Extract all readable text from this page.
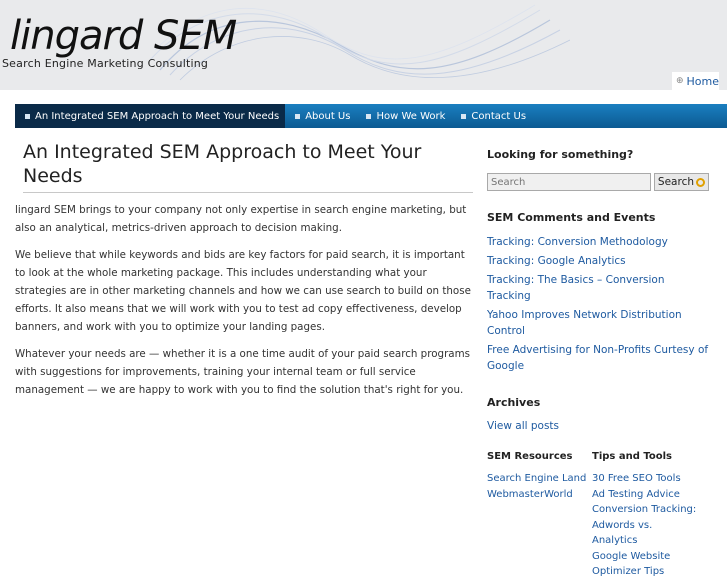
lingard SEM
Search Engine Marketing Consulting
⊕ Home
An Integrated SEM Approach to Meet Your Needs	About Us	How We Work	Contact Us
An Integrated SEM Approach to Meet Your Needs

lingard SEM brings to your company not only expertise in search engine marketing, but also an analytical, metrics-driven approach to decision making.

We believe that while keywords and bids are key factors for paid search, it is important to look at the whole marketing package. This includes understanding what your strategies are in other marketing channels and how we can use search to build on those efforts. It also means that we will work with you to test ad copy effectiveness, develop banners, and work with you to optimize your landing pages.

Whatever your needs are — whether it is a one time audit of your paid search programs with suggestions for improvements, training your internal team or full service management — we are happy to work with you to find the solution that's right for you.

Looking for something?
Search
Search
SEM Comments and Events
Tracking: Conversion Methodology
Tracking: Google Analytics
Tracking: The Basics – Conversion Tracking
Yahoo Improves Network Distribution Control
Free Advertising for Non-Profits Curtesy of Google
Archives
View all posts
SEM Resources
Search Engine Land
WebmasterWorld
Tips and Tools
30 Free SEO Tools
Ad Testing Advice
Conversion Tracking: Adwords vs. Analytics
Google Website Optimizer Tips
